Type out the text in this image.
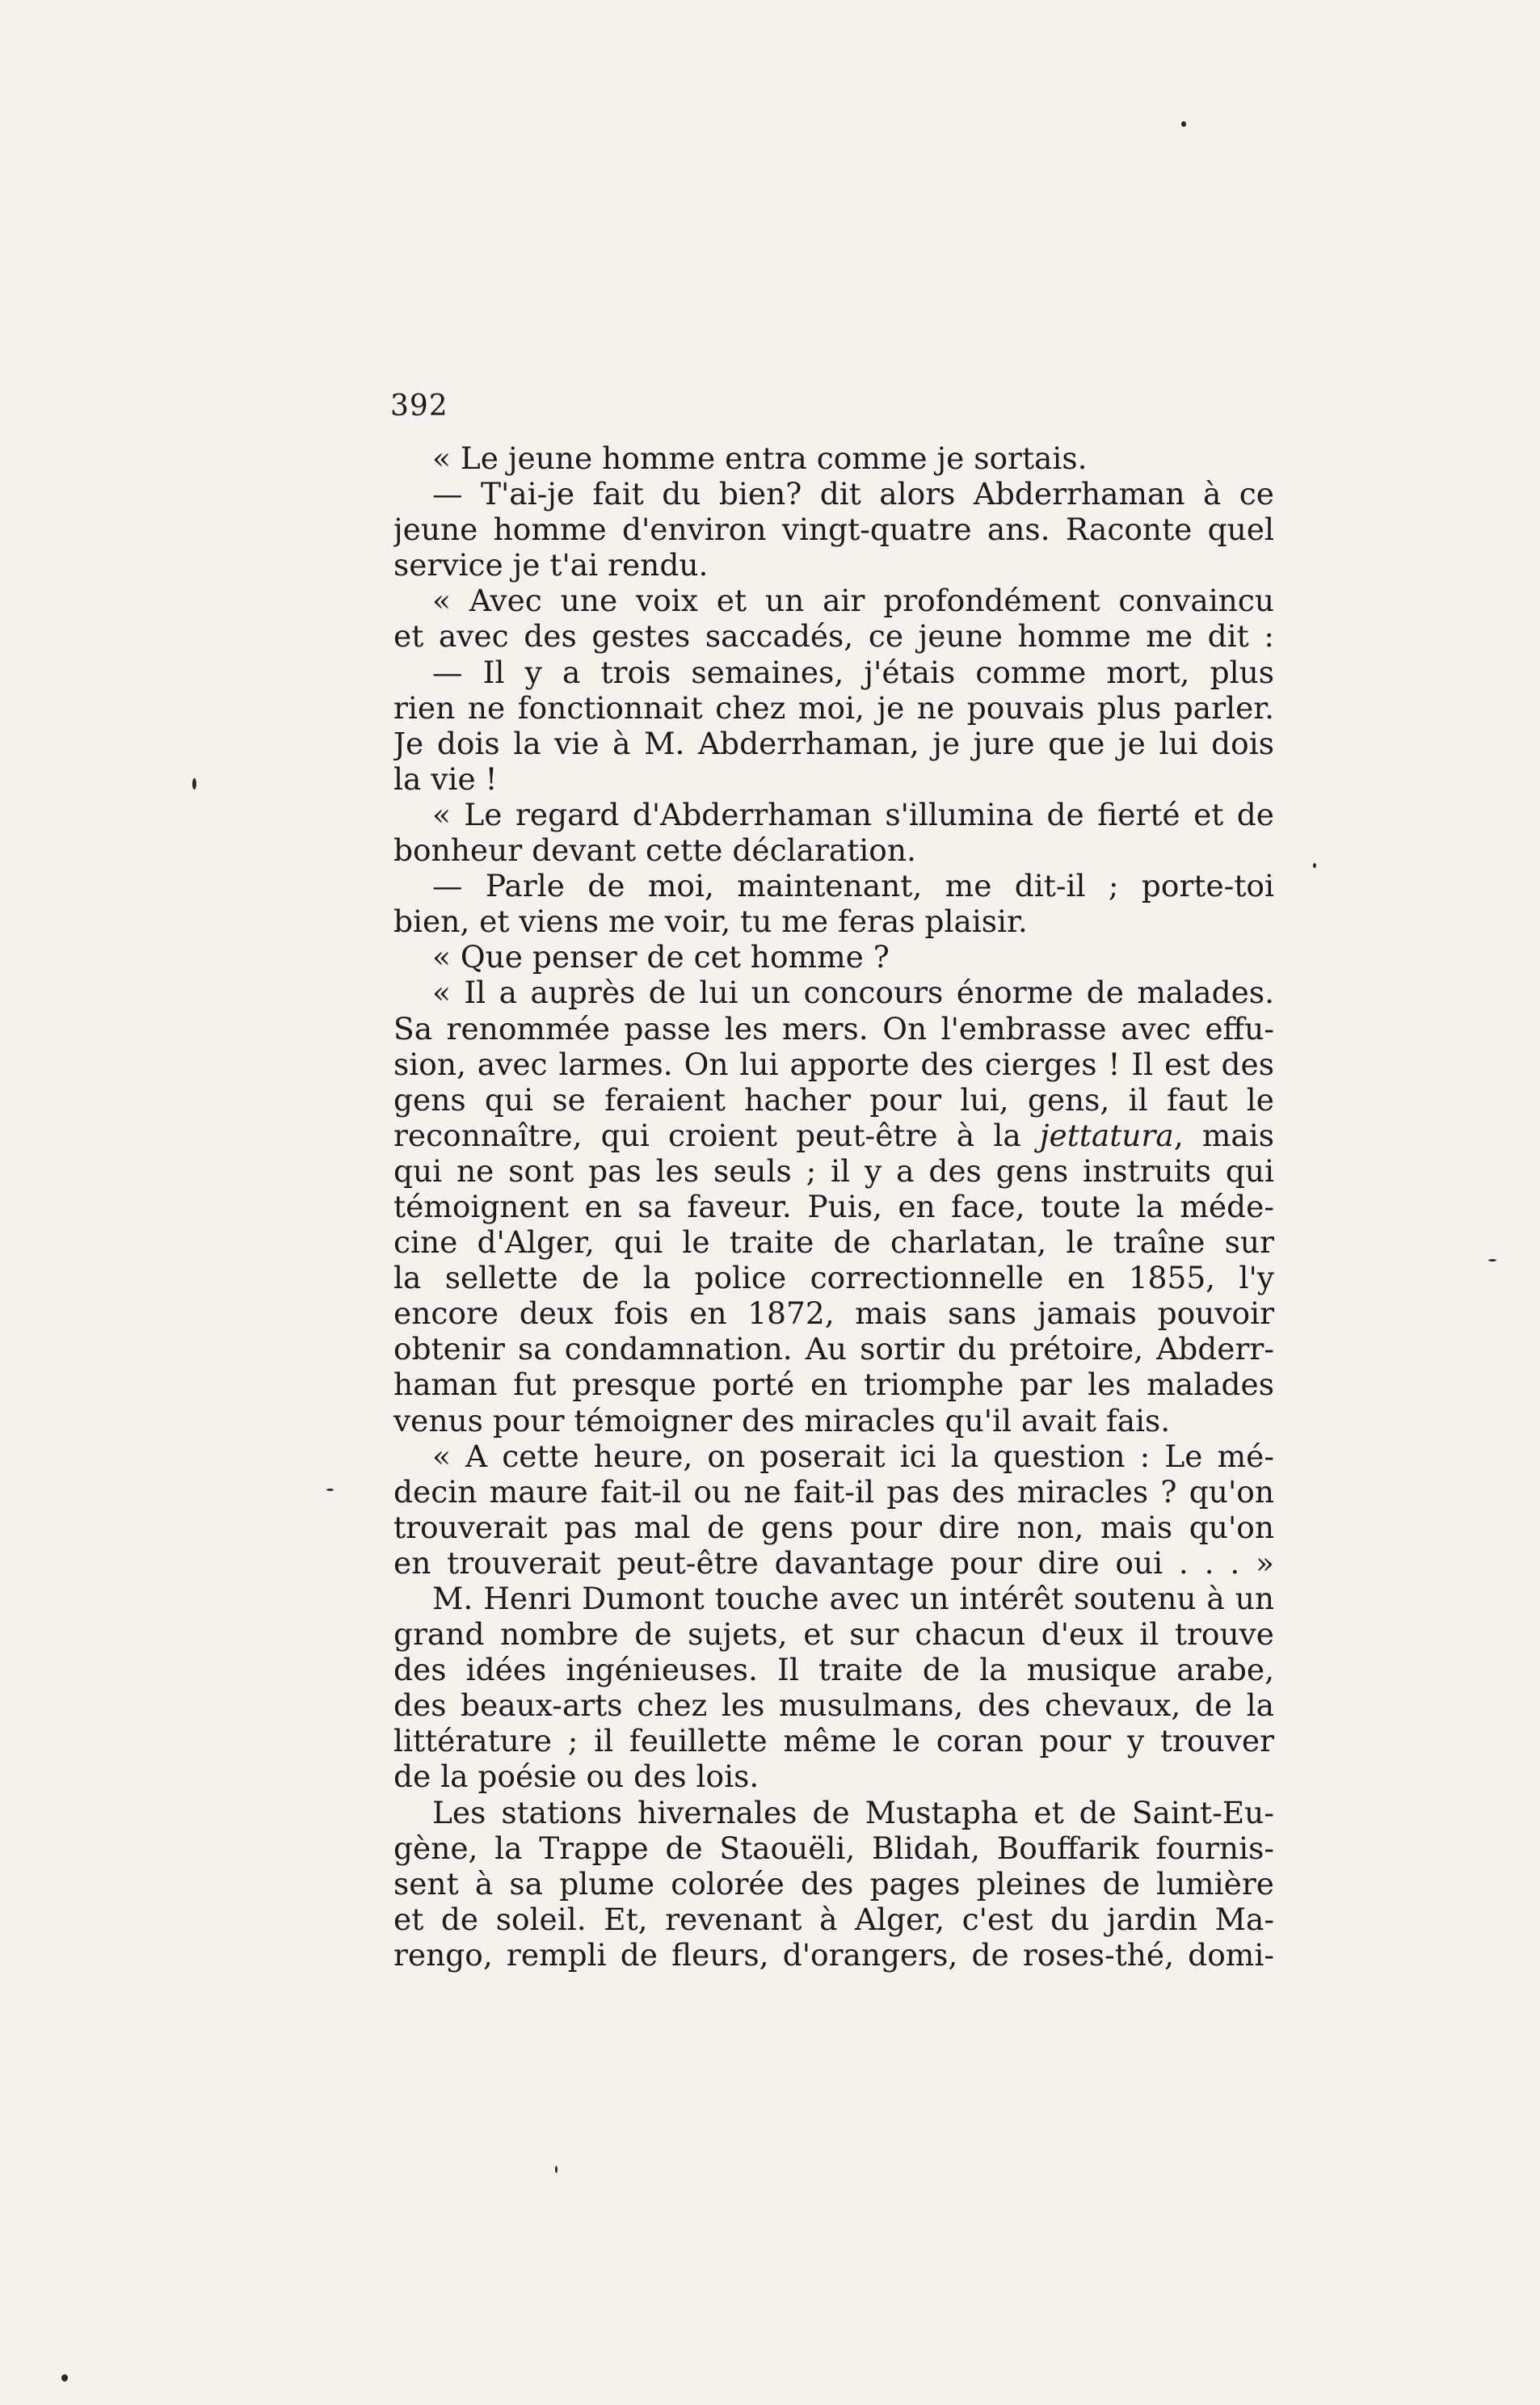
392
« Le jeune homme entra comme je sortais.
— T'ai-je fait du bien? dit alors Abderrhaman à ce
jeune homme d'environ vingt-quatre ans. Raconte quel
service je t'ai rendu.
« Avec une voix et un air profondément convaincu
et avec des gestes saccadés, ce jeune homme me dit :
— Il y a trois semaines, j'étais comme mort, plus
rien ne fonctionnait chez moi, je ne pouvais plus parler.
Je dois la vie à M. Abderrhaman, je jure que je lui dois
la vie !
« Le regard d'Abderrhaman s'illumina de fierté et de
bonheur devant cette déclaration.
— Parle de moi, maintenant, me dit-il ; porte-toi
bien, et viens me voir, tu me feras plaisir.
« Que penser de cet homme ?
« Il a auprès de lui un concours énorme de malades.
Sa renommée passe les mers. On l'embrasse avec effu-
sion, avec larmes. On lui apporte des cierges ! Il est des
gens qui se feraient hacher pour lui, gens, il faut le
reconnaître, qui croient peut-être à la jettatura, mais
qui ne sont pas les seuls ; il y a des gens instruits qui
témoignent en sa faveur. Puis, en face, toute la méde-
cine d'Alger, qui le traite de charlatan, le traîne sur
la sellette de la police correctionnelle en 1855, l'y
encore deux fois en 1872, mais sans jamais pouvoir
obtenir sa condamnation. Au sortir du prétoire, Abderr-
haman fut presque porté en triomphe par les malades
venus pour témoigner des miracles qu'il avait fais.
« A cette heure, on poserait ici la question : Le mé-
decin maure fait-il ou ne fait-il pas des miracles ? qu'on
trouverait pas mal de gens pour dire non, mais qu'on
en trouverait peut-être davantage pour dire oui . . . »
M. Henri Dumont touche avec un intérêt soutenu à un
grand nombre de sujets, et sur chacun d'eux il trouve
des idées ingénieuses. Il traite de la musique arabe,
des beaux-arts chez les musulmans, des chevaux, de la
littérature ; il feuillette même le coran pour y trouver
de la poésie ou des lois.
Les stations hivernales de Mustapha et de Saint-Eu-
gène, la Trappe de Staouëli, Blidah, Bouffarik fournis-
sent à sa plume colorée des pages pleines de lumière
et de soleil. Et, revenant à Alger, c'est du jardin Ma-
rengo, rempli de fleurs, d'orangers, de roses-thé, domi-
